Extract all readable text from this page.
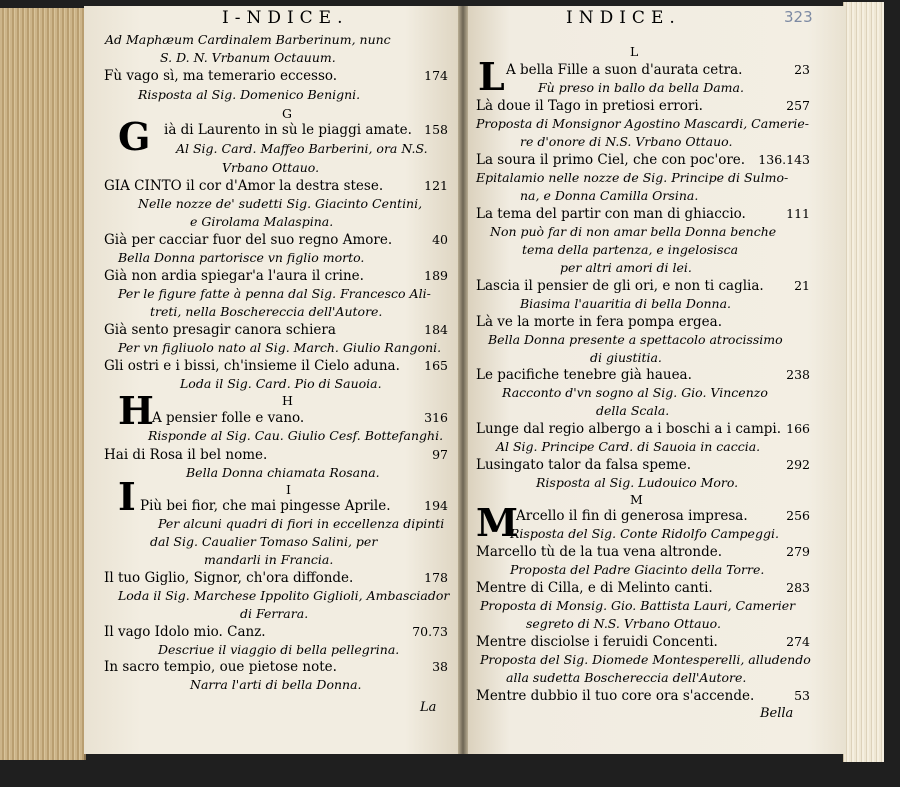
I-NDICE.
La
Ad Maphæum Cardinalem Barberinum, nunc
S. D. N. Vrbanum Octauum.
Fù vago sì, ma temerario eccesso.	174
Risposta al Sig. Domenico Benigni.
G
ià di Laurento in sù le piaggi amate. 158
Al Sig. Card. Maffeo Barberini, ora N.S.
Vrbano Ottauo.
GIA CINTO il cor d'Amor la destra stese.	121
Nelle nozze de' sudetti Sig. Giacinto Centini,
e Girolama Malaspina.
Già per cacciar fuor del suo regno Amore.	40
Bella Donna partorisce vn figlio morto.
Già non ardia spiegar'a l'aura il crine.	189
Per le figure fatte à penna dal Sig. Francesco Ali-
treti, nella Boschereccia dell'Autore.
Già sento presagir canora schiera	184
Per vn figliuolo nato al Sig. March. Giulio Rangoni.
Gli ostri e i bissi, ch'insieme il Cielo aduna. 165
Loda il Sig. Card. Pio di Sauoia.
H
A pensier folle e vano.	316
Risponde al Sig. Cau. Giulio Cesf. Bottefanghi.
Hai di Rosa il bel nome.	97
Bella Donna chiamata Rosana.
I
Più bei fior, che mai pingesse Aprile.	194
Per alcuni quadri di fiori in eccellenza dipinti
dal Sig. Caualier Tomaso Salini, per
mandarli in Francia.
Il tuo Giglio, Signor, ch'ora diffonde.	178
Loda il Sig. Marchese Ippolito Giglioli, Ambasciador
di Ferrara.
Il vago Idolo mio. Canz.	70.73
Descriue il viaggio di bella pellegrina.
In sacro tempio, oue pietose note.	38
Narra l'arti di bella Donna.
G
H
I
INDICE.	323
Bella
L
A bella Fille a suon d'aurata cetra.	23
Fù preso in ballo da bella Dama.
Là doue il Tago in pretiosi errori.	257
Proposta di Monsignor Agostino Mascardi, Camerie-
re d'onore di N.S. Vrbano Ottauo.
La soura il primo Ciel, che con poc'ore. 136.143
Epitalamio nelle nozze de Sig. Principe di Sulmo-
na, e Donna Camilla Orsina.
La tema del partir con man di ghiaccio.	111
Non può far di non amar bella Donna benche
tema della partenza, e ingelosisca
per altri amori di lei.
Lascia il pensier de gli ori, e non ti caglia. 21
Biasima l'auaritia di bella Donna.
Là ve la morte in fera pompa ergea.
Bella Donna presente a spettacolo atrocissimo
di giustitia.
Le pacifiche tenebre già hauea.	238
Racconto d'vn sogno al Sig. Gio. Vincenzo
della Scala.
Lunge dal regio albergo a i boschi a i campi. 166
Al Sig. Principe Card. di Sauoia in caccia.
Lusingato talor da falsa speme.	292
Risposta al Sig. Ludouico Moro.
M
Arcello il fin di generosa impresa.	256
Risposta del Sig. Conte Ridolfo Campeggi.
Marcello tù de la tua vena altronde.	279
Proposta del Padre Giacinto della Torre.
Mentre di Cilla, e di Melinto canti.	283
Proposta di Monsig. Gio. Battista Lauri, Camerier
segreto di N.S. Vrbano Ottauo.
Mentre disciolse i feruidi Concenti.	274
Proposta del Sig. Diomede Montesperelli, alludendo
alla sudetta Boschereccia dell'Autore.
Mentre dubbio il tuo core ora s'accende.	53
L
M
